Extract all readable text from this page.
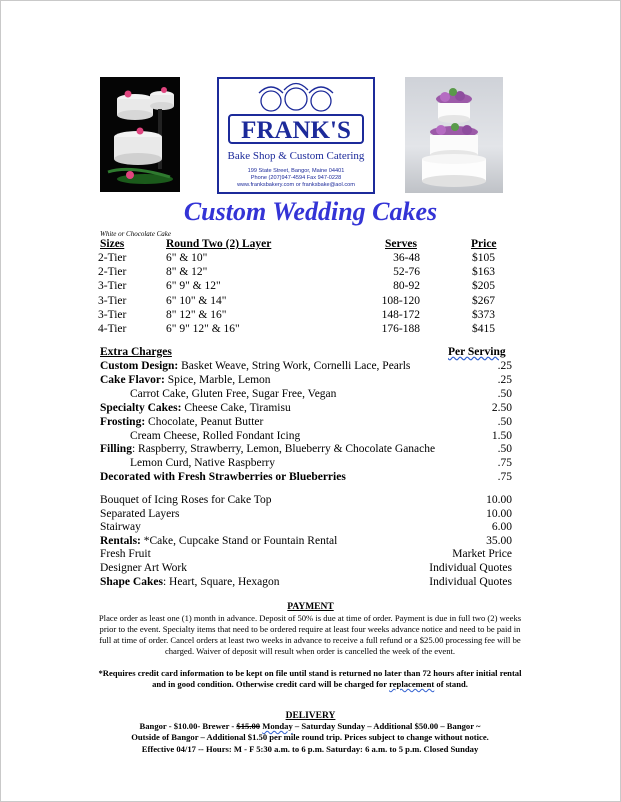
FRANK'S
Bake Shop & Custom Catering
199 State Street, Bangor, Maine 04401
Phone (207)947-4594 Fax 947-0228
www.franksbakery.com or franksbake@aol.com
Custom Wedding Cakes
White or Chocolate Cake
Sizes	Round Two (2) Layer	Serves	Price
2-Tier	6" & 10"	36-48	$105
2-Tier	8" & 12"	52-76	$163
3-Tier	6" 9" & 12"	80-92	$205
3-Tier	6" 10" & 14"	108-120	$267
3-Tier	8" 12" & 16"	148-172	$373
4-Tier	6" 9" 12" & 16"	176-188	$415
Extra Charges	Per Serving
Custom Design: Basket Weave, String Work, Cornelli Lace, Pearls	.25
Cake Flavor: Spice, Marble, Lemon	.25
Carrot Cake, Gluten Free, Sugar Free, Vegan	.50
Specialty Cakes: Cheese Cake, Tiramisu	2.50
Frosting: Chocolate, Peanut Butter	.50
Cream Cheese, Rolled Fondant Icing	1.50
Filling: Raspberry, Strawberry, Lemon, Blueberry & Chocolate Ganache	.50
Lemon Curd, Native Raspberry	.75
Decorated with Fresh Strawberries or Blueberries	.75
Bouquet of Icing Roses for Cake Top	10.00
Separated Layers	10.00
Stairway	6.00
Rentals: *Cake, Cupcake Stand or Fountain Rental	35.00
Fresh Fruit	Market Price
Designer Art Work	Individual Quotes
Shape Cakes: Heart, Square, Hexagon	Individual Quotes
PAYMENT
Place order as least one (1) month in advance. Deposit of 50% is due at time of order. Payment is due in full two (2) weeks prior to the event. Specialty items that need to be ordered require at least four weeks advance notice and need to be paid in full at time of order. Cancel orders at least two weeks in advance to receive a full refund or a $25.00 processing fee will be charged. Waiver of deposit will result when order is cancelled the week of the event.
*Requires credit card information to be kept on file until stand is returned no later than 72 hours after initial rental and in good condition. Otherwise credit card will be charged for replacement of stand.
DELIVERY
Bangor - $10.00- Brewer - $15.00 Monday – Saturday Sunday – Additional $50.00 – Bangor ~
Outside of Bangor – Additional $1.50 per mile round trip. Prices subject to change without notice.
Effective 04/17 -- Hours: M - F 5:30 a.m. to 6 p.m. Saturday: 6 a.m. to 5 p.m. Closed Sunday
